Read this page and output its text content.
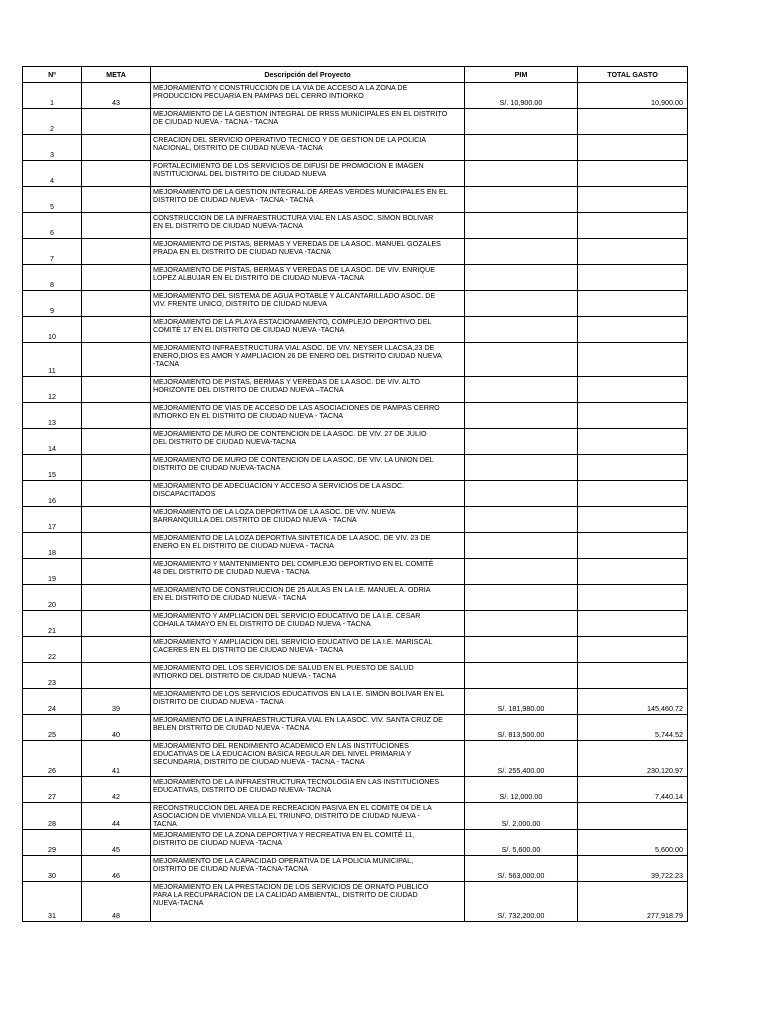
Nº	META	Descripción del Proyecto	PIM	TOTAL GASTO
1	43	MEJORAMIENTO Y CONSTRUCCION DE LA VIA DE ACCESO A LA ZONA DE
PRODUCCION PECUARIA EN PAMPAS DEL CERRO INTIORKO	S/. 10,900.00	10,900.00
2		MEJORAMIENTO DE LA GESTION INTEGRAL DE RRSS MUNICIPALES EN EL DISTRITO
DE CIUDAD NUEVA - TACNA - TACNA		
3		CREACION DEL SERVICIO OPERATIVO TECNICO Y DE GESTION DE LA POLICIA
NACIONAL, DISTRITO DE CIUDAD NUEVA -TACNA		
4		FORTALECIMIENTO DE LOS SERVICIOS DE DIFUSI DE PROMOCION E IMAGEN
INSTITUCIONAL DEL DISTRITO DE CIUDAD NUEVA		
5		MEJORAMIENTO DE LA GESTION INTEGRAL DE AREAS VERDES MUNICIPALES EN EL
DISTRITO DE CIUDAD NUEVA - TACNA - TACNA		
6		CONSTRUCCION DE LA INFRAESTRUCTURA VIAL EN LAS ASOC. SIMON BOLIVAR
EN EL DISTRITO DE CIUDAD NUEVA-TACNA		
7		MEJORAMIENTO DE PISTAS, BERMAS Y VEREDAS DE LA ASOC. MANUEL GOZALES
PRADA EN EL DISTRITO DE CIUDAD NUEVA -TACNA		
8		MEJORAMIENTO DE PISTAS, BERMAS Y VEREDAS DE LA ASOC. DE VIV. ENRIQUE
LOPEZ ALBUJAR EN EL DISTRITO DE CIUDAD NUEVA -TACNA		
9		MEJORAMIENTO DEL SISTEMA DE AGUA POTABLE Y ALCANTARILLADO ASOC. DE
VIV. FRENTE UNICO, DISTRITO DE CIUDAD NUEVA		
10		MEJORAMIENTO DE LA PLAYA ESTACIONAMIENTO, COMPLEJO DEPORTIVO DEL
COMITÉ 17 EN EL DISTRITO DE CIUDAD NUEVA -TACNA		
11		MEJORAMIENTO INFRAESTRUCTURA VIAL ASOC. DE VIV. NEYSER LLACSA,23 DE
ENERO,DIOS ES AMOR Y AMPLIACION 26 DE ENERO DEL DISTRITO CIUDAD NUEVA
-TACNA		
12		MEJORAMIENTO DE PISTAS, BERMAS Y VEREDAS DE LA ASOC. DE VIV. ALTO
HORIZONTE DEL DISTRITO DE CIUDAD NUEVA –TACNA		
13		MEJORAMIENTO DE VIAS DE ACCESO DE LAS ASOCIACIONES DE PAMPAS CERRO
INTIORKO EN EL DISTRITO DE CIUDAD NUEVA - TACNA		
14		MEJORAMIENTO DE MURO DE CONTENCION DE LA ASOC. DE VIV. 27 DE JULIO
DEL DISTRITO DE CIUDAD NUEVA-TACNA		
15		MEJORAMIENTO DE MURO DE CONTENCION DE LA ASOC. DE VIV. LA UNION DEL
DISTRITO DE CIUDAD NUEVA-TACNA		
16		MEJORAMIENTO DE ADECUACION Y ACCESO A SERVICIOS DE LA ASOC.
DISCAPACITADOS		
17		MEJORAMIENTO DE LA LOZA DEPORTIVA DE LA ASOC. DE VIV. NUEVA
BARRANQUILLA DEL DISTRITO DE CIUDAD NUEVA - TACNA		
18		MEJORAMIENTO DE LA LOZA DEPORTIVA SINTETICA DE LA ASOC. DE VIV. 23 DE
ENERO EN EL DISTRITO DE CIUDAD NUEVA - TACNA		
19		MEJORAMIENTO Y MANTENIMIENTO DEL COMPLEJO DEPORTIVO EN EL COMITÉ
48 DEL DISTRITO DE CIUDAD NUEVA - TACNA		
20		MEJORAMIENTO DE CONSTRUCCION DE 25 AULAS EN LA I.E. MANUEL A. ODRIA
EN EL DISTRITO DE CIUDAD NUEVA - TACNA		
21		MEJORAMIENTO Y AMPLIACION DEL SERVICIO EDUCATIVO DE LA I.E. CESAR
COHAILA TAMAYO EN EL DISTRITO DE CIUDAD NUEVA - TACNA		
22		MEJORAMIENTO Y AMPLIACION DEL SERVICIO EDUCATIVO DE LA I.E. MARISCAL
CACERES EN EL DISTRITO DE CIUDAD NUEVA - TACNA		
23		MEJORAMIENTO DEL LOS SERVICIOS DE SALUD EN EL PUESTO DE SALUD
INTIORKO DEL DISTRITO DE CIUDAD NUEVA - TACNA		
24	39	MEJORAMIENTO DE LOS SERVICIOS EDUCATIVOS EN LA I.E. SIMON BOLIVAR EN EL
DISTRITO DE CIUDAD NUEVA - TACNA	S/. 181,980.00	145,460.72
25	40	MEJORAMIENTO DE LA INFRAESTRUCTURA VIAL EN LA ASOC. VIV. SANTA CRUZ DE
BELEN DISTRITO DE CIUDAD NUEVA - TACNA	S/. 813,500.00	5,744.52
26	41	MEJORAMIENTO DEL RENDIMIENTO ACADEMICO EN LAS INSTITUCIONES
EDUCATIVAS DE LA EDUCACION BASICA REGULAR DEL NIVEL PRIMARIA Y
SECUNDARIA, DISTRITO DE CIUDAD NUEVA - TACNA - TACNA	S/. 255,400.00	230,120.97
27	42	MEJORAMIENTO DE LA INFRAESTRUCTURA TECNOLOGIA EN LAS INSTITUCIONES
EDUCATIVAS, DISTRITO DE CIUDAD NUEVA- TACNA	S/. 12,000.00	7,440.14
28	44	RECONSTRUCCION DEL AREA DE RECREACION PASIVA EN EL COMITE 04 DE LA
ASOCIACION DE VIVIENDA VILLA EL TRIUNFO, DISTRITO DE CIUDAD NUEVA -
TACNA	S/. 2,000.00	
29	45	MEJORAMIENTO DE LA ZONA DEPORTIVA Y RECREATIVA EN EL COMITÉ 11,
DISTRITO DE CIUDAD NUEVA -TACNA	S/. 5,600.00	5,600.00
30	46	MEJORAMIENTO DE LA CAPACIDAD OPERATIVA DE LA POLICIA MUNICIPAL,
DISTRITO DE CIUDAD NUEVA -TACNA-TACNA	S/. 563,000.00	39,722.23
31	48	MEJORAMIENTO EN LA PRESTACION DE LOS SERVICIOS DE ORNATO PUBLICO
PARA LA RECUPARACION DE LA CALIDAD AMBIENTAL, DISTRITO DE CIUDAD
NUEVA-TACNA	S/. 732,200.00	277,918.79
